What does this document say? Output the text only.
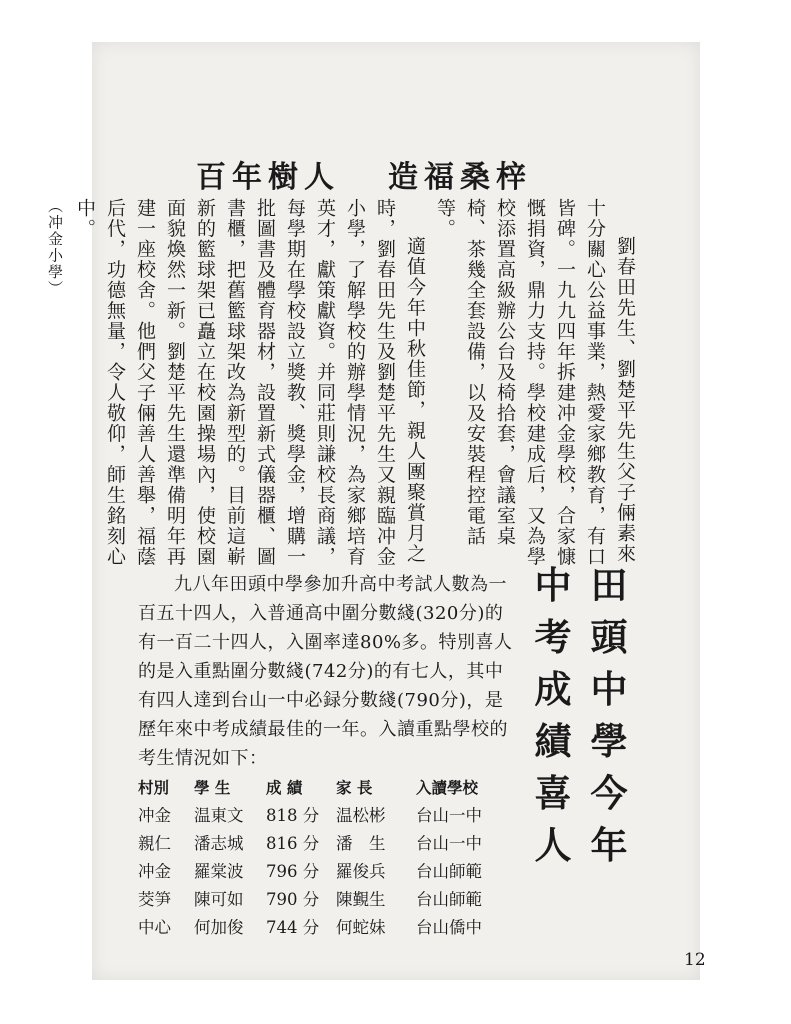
百年樹人 造福桑梓

劉春田先生、劉楚平先生父子倆素來十分關心公益事業，熱愛家鄉教育，有口皆碑。一九九四年拆建冲金學校，合家慷慨捐資，鼎力支持。學校建成后，又為學校添置高級辦公台及椅拾套，會議室桌椅、茶幾全套設備，以及安裝程控電話等。

適值今年中秋佳節，親人團聚賞月之時，劉春田先生及劉楚平先生又親臨冲金小學，了解學校的辦學情況，為家鄉培育英才，獻策獻資。并同莊則謙校長商議，每學期在學校設立獎教、獎學金，增購一批圖書及體育器材，設置新式儀器櫃、圖書櫃，把舊籃球架改為新型的。目前這嶄新的籃球架已矗立在校園操場內，使校園面貌煥然一新。劉楚平先生還準備明年再建一座校舍。他們父子倆善人善舉，福蔭后代，功德無量，令人敬仰，師生銘刻心中。

（冲金小學）

田頭中學今年
中考成績喜人

九八年田頭中學參加升高中考試人數為一百五十四人，入普通高中圍分數綫(320分)的有一百二十四人，入圍率達80%多。特別喜人的是入重點圍分數綫(742分)的有七人，其中有四人達到台山一中必録分數綫(790分)，是歷年來中考成績最佳的一年。入讀重點學校的考生情況如下：

村別	學 生	成 績	家 長	入讀學校
冲金	温東文	818 分	温松彬	台山一中
親仁	潘志城	816 分	潘　生	台山一中
冲金	羅棠波	796 分	羅俊兵	台山師範
茭笋	陳可如	790 分	陳覲生	台山師範
中心	何加俊	744 分	何蛇妹	台山僑中
12
